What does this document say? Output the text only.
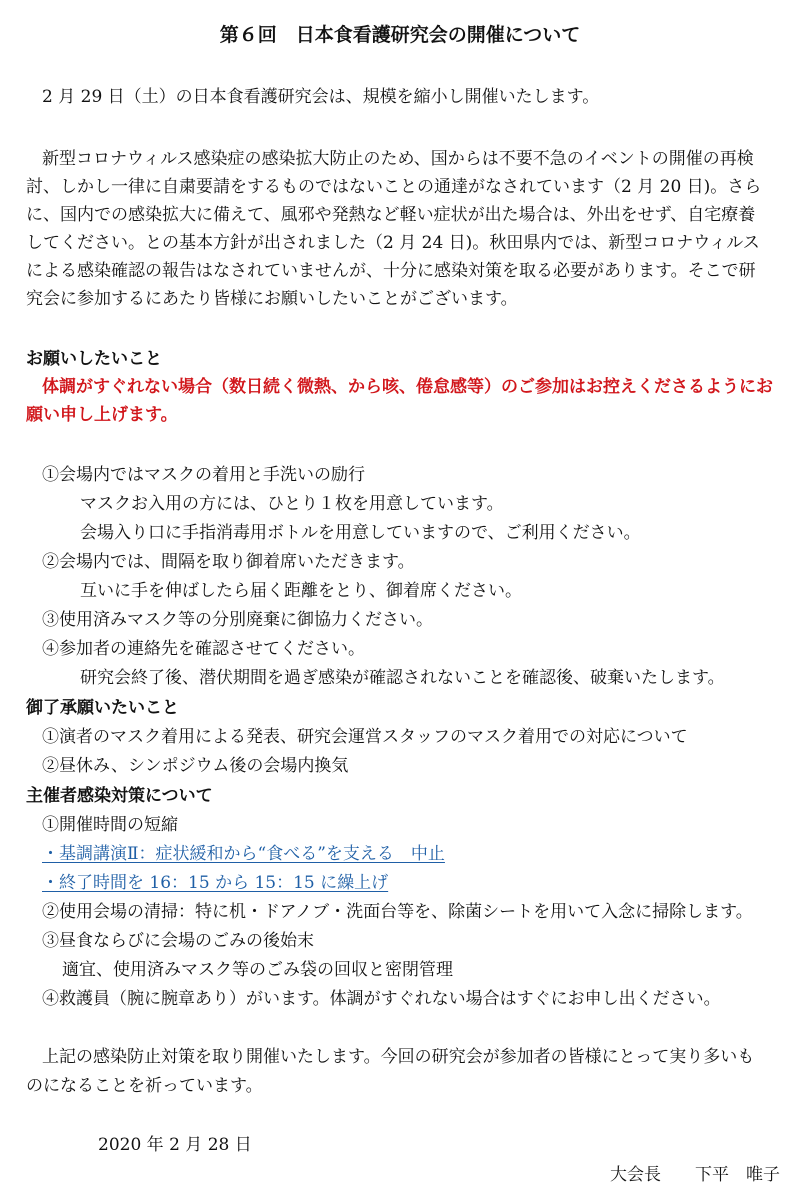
第６回　日本食看護研究会の開催について
2 月 29 日（土）の日本食看護研究会は、規模を縮小し開催いたします。
新型コロナウィルス感染症の感染拡大防止のため、国からは不要不急のイベントの開催の再検
討、しかし一律に自粛要請をするものではないことの通達がなされています（2 月 20 日)。さら
に、国内での感染拡大に備えて、風邪や発熱など軽い症状が出た場合は、外出をせず、自宅療養
してください。との基本方針が出されました（2 月 24 日)。秋田県内では、新型コロナウィルス
による感染確認の報告はなされていませんが、十分に感染対策を取る必要があります。そこで研
究会に参加するにあたり皆様にお願いしたいことがございます。
お願いしたいこと
体調がすぐれない場合（数日続く微熱、から咳、倦怠感等）のご参加はお控えくださるようにお
願い申し上げます。
①会場内ではマスクの着用と手洗いの励行
マスクお入用の方には、ひとり１枚を用意しています。
会場入り口に手指消毒用ボトルを用意していますので、ご利用ください。
②会場内では、間隔を取り御着席いただきます。
互いに手を伸ばしたら届く距離をとり、御着席ください。
③使用済みマスク等の分別廃棄に御協力ください。
④参加者の連絡先を確認させてください。
研究会終了後、潜伏期間を過ぎ感染が確認されないことを確認後、破棄いたします。
御了承願いたいこと
①演者のマスク着用による発表、研究会運営スタッフのマスク着用での対応について
②昼休み、シンポジウム後の会場内換気
主催者感染対策について
①開催時間の短縮
・基調講演Ⅱ：症状緩和から“食べる”を支える　中止
・終了時間を 16：15 から 15：15 に繰上げ
②使用会場の清掃：特に机・ドアノブ・洗面台等を、除菌シートを用いて入念に掃除します。
③昼食ならびに会場のごみの後始末
適宜、使用済みマスク等のごみ袋の回収と密閉管理
④救護員（腕に腕章あり）がいます。体調がすぐれない場合はすぐにお申し出ください。
上記の感染防止対策を取り開催いたします。今回の研究会が参加者の皆様にとって実り多いも
のになることを祈っています。
2020 年 2 月 28 日
大会長　　下平　唯子
